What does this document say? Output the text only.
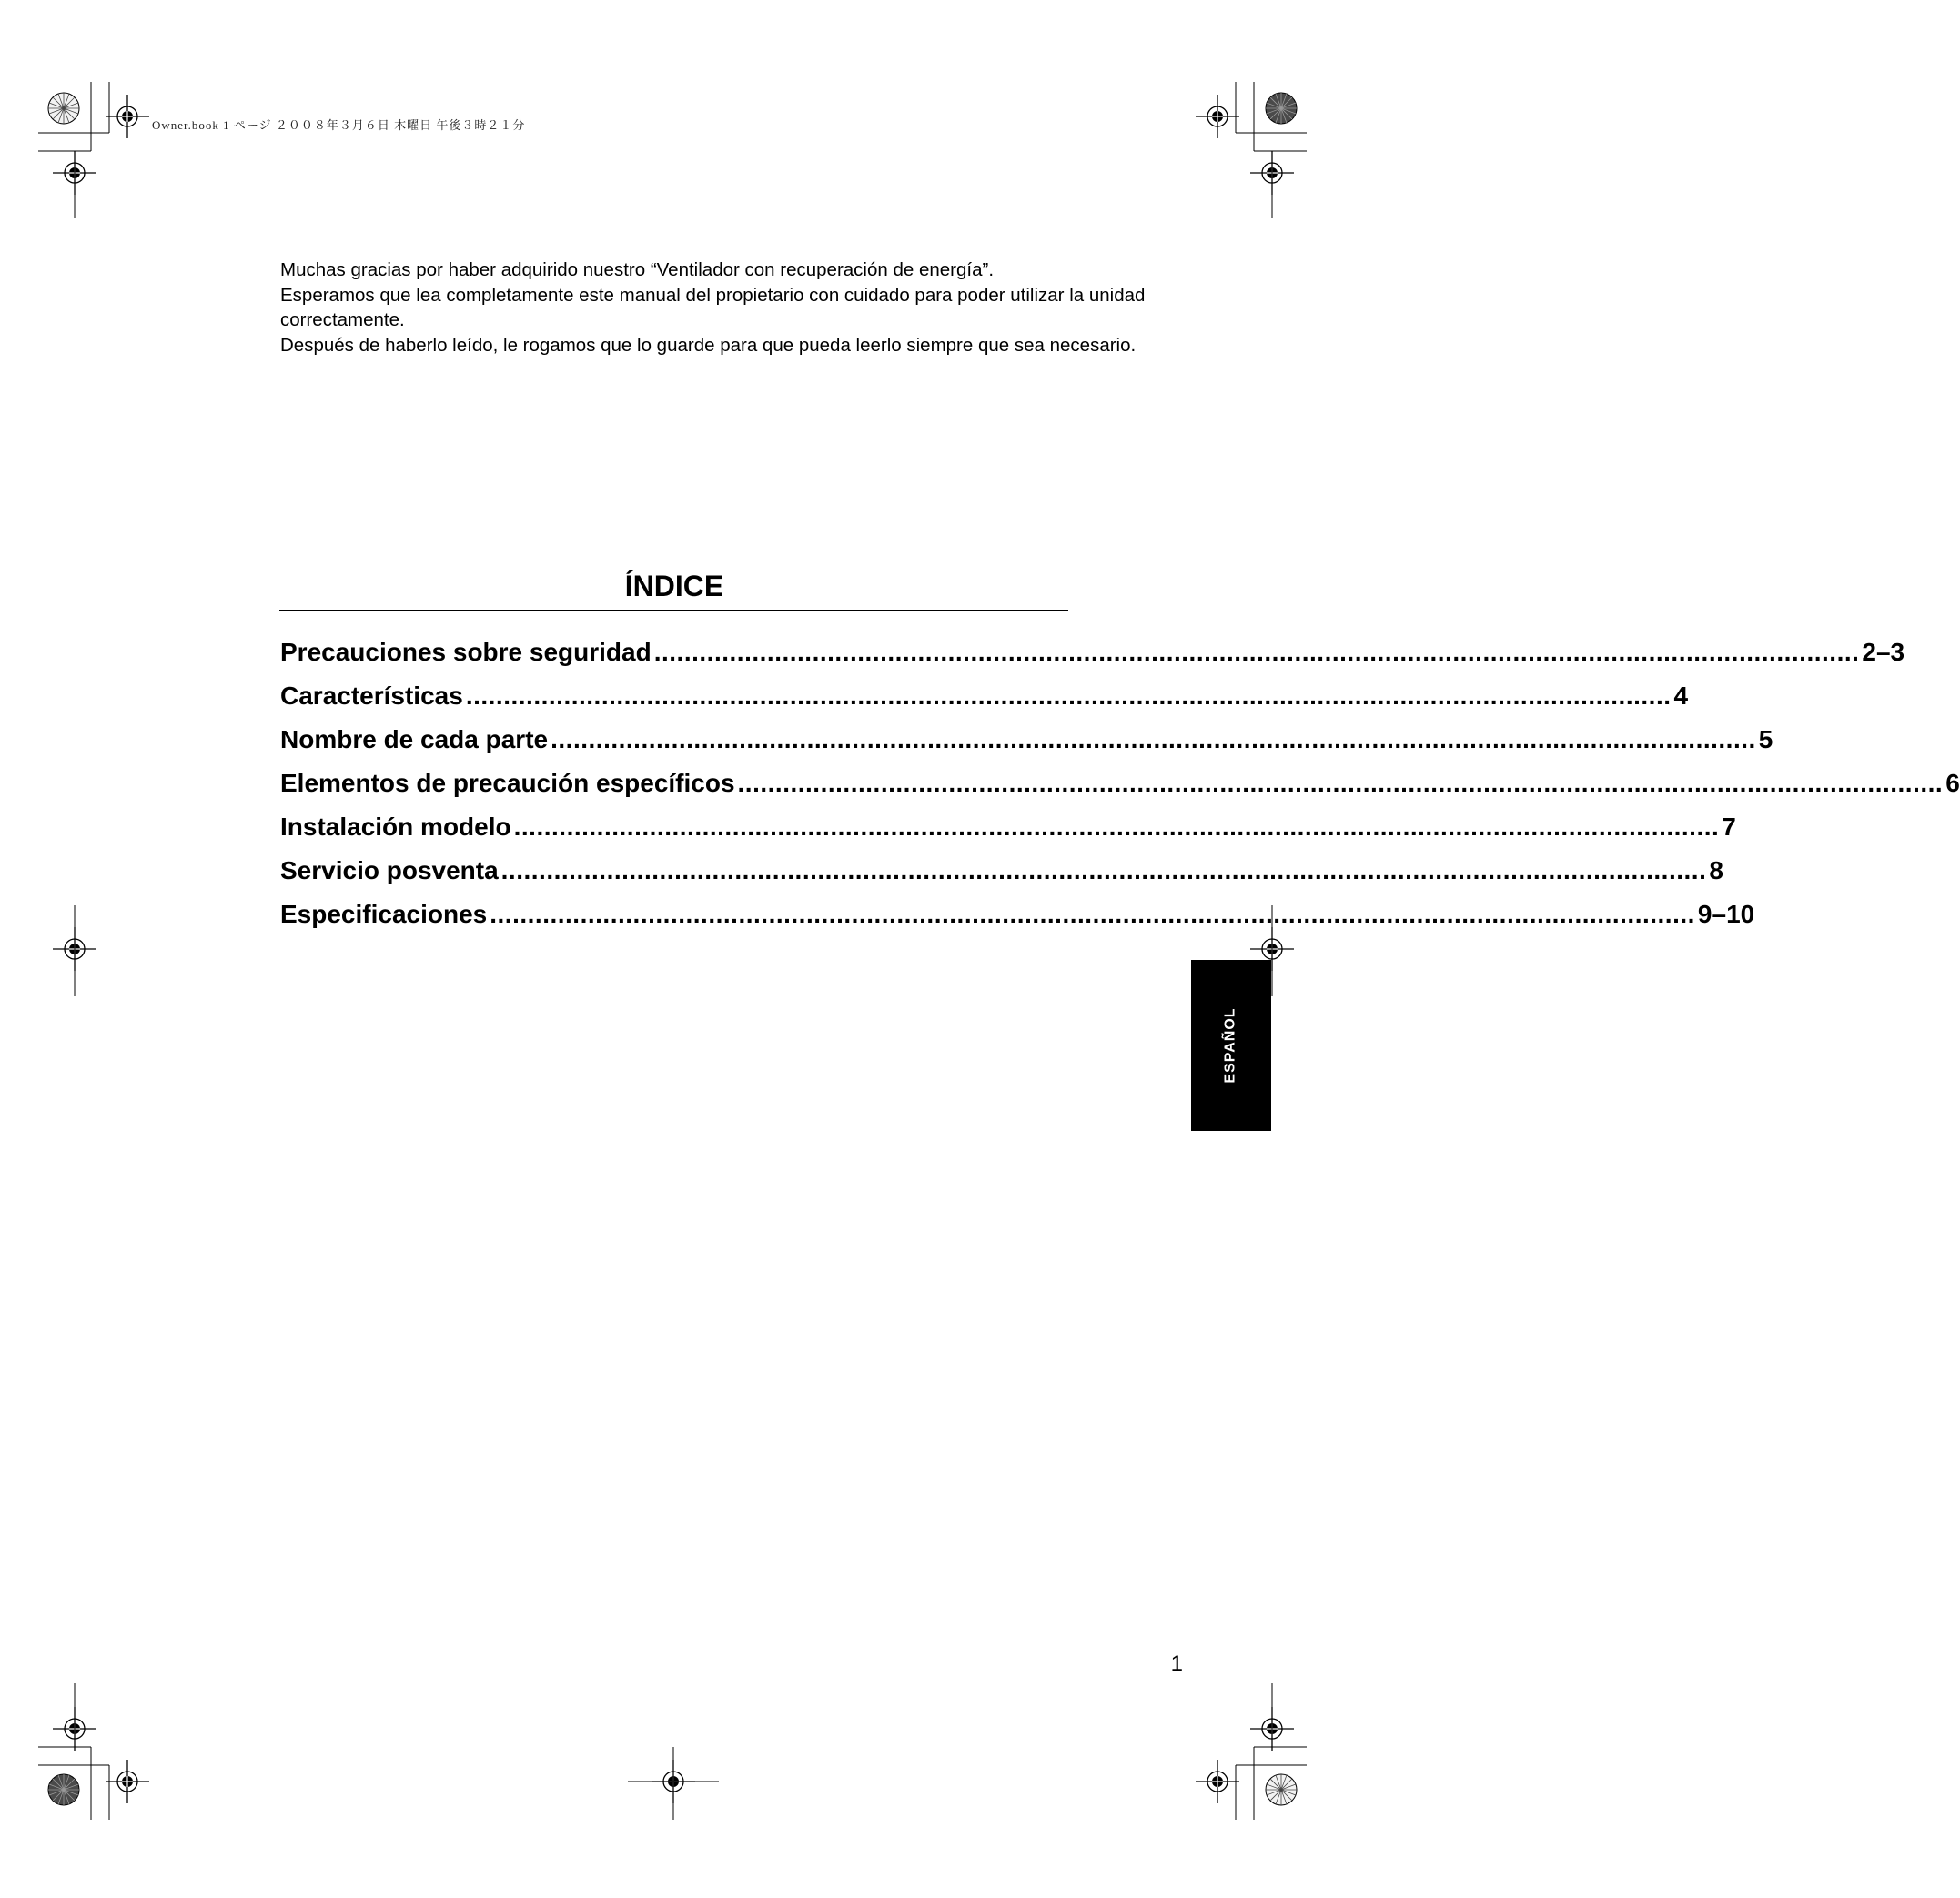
Owner.book 1 ページ ２００８年３月６日 木曜日 午後３時２１分

Muchas gracias por haber adquirido nuestro “Ventilador con recuperación de energía”.

Esperamos que lea completamente este manual del propietario con cuidado para poder utilizar la unidad correctamente.

Después de haberlo leído, le rogamos que lo guarde para que pueda leerlo siempre que sea necesario.

ÍNDICE
Precauciones sobre seguridad ................................................................................................................................................................ 2–3
Características ................................................................................................................................................................ 4
Nombre de cada parte ................................................................................................................................................................ 5
Elementos de precaución específicos ................................................................................................................................................................ 6
Instalación modelo ................................................................................................................................................................ 7
Servicio posventa ................................................................................................................................................................ 8
Especificaciones ................................................................................................................................................................ 9–10
ESPAÑOL
1
